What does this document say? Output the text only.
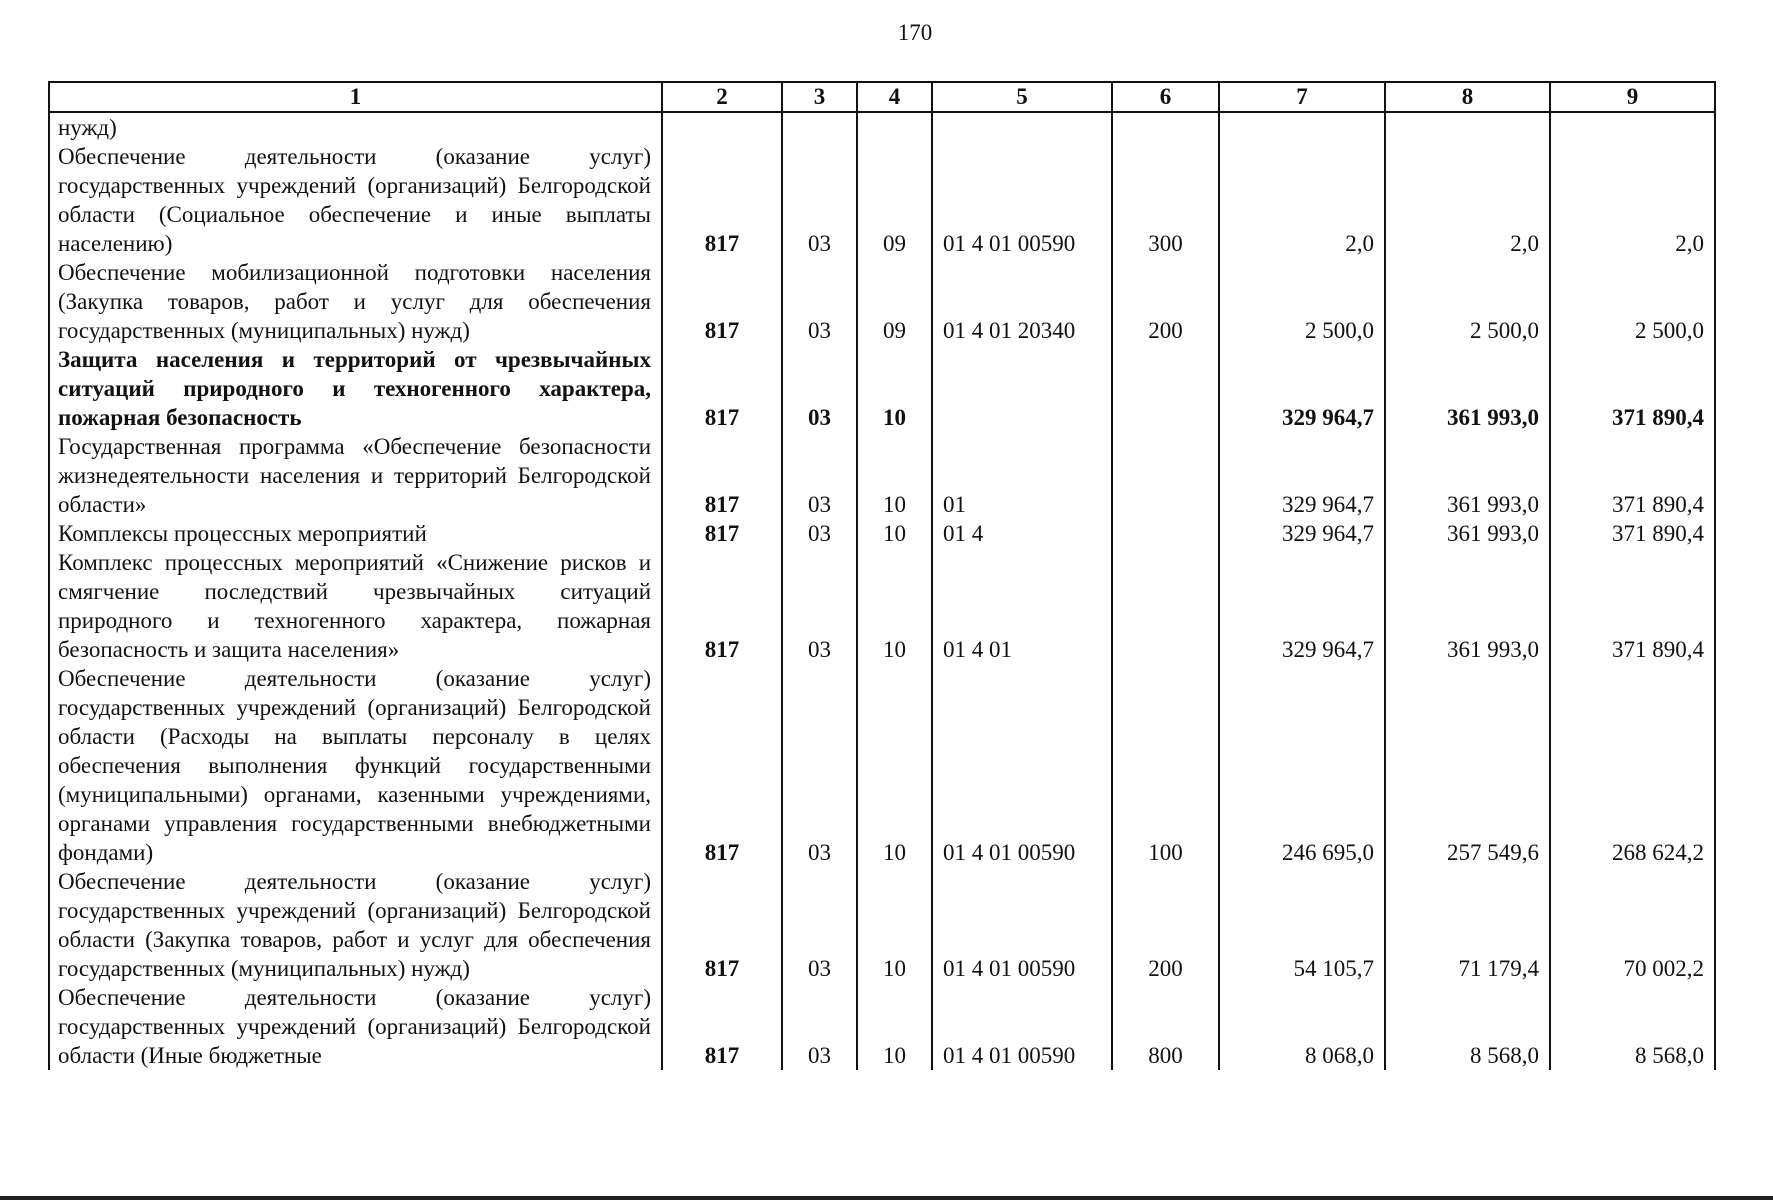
170
1	2	3	4	5	6	7	8	9
нужд)								
Обеспечение деятельности (оказание услуг) государственных учреждений (организаций) Белгородской области (Социальное обеспечение и иные выплаты населению)	817	03	09	01 4 01 00590	300	2,0	2,0	2,0
Обеспечение мобилизационной подготовки населения (Закупка товаров, работ и услуг для обеспечения государственных (муниципальных) нужд)	817	03	09	01 4 01 20340	200	2 500,0	2 500,0	2 500,0
Защита населения и территорий от чрезвычайных ситуаций природного и техногенного характера, пожарная безопасность	817	03	10			329 964,7	361 993,0	371 890,4
Государственная программа «Обеспечение безопасности жизнедеятельности населения и территорий Белгородской области»	817	03	10	01		329 964,7	361 993,0	371 890,4
Комплексы процессных мероприятий	817	03	10	01 4		329 964,7	361 993,0	371 890,4
Комплекс процессных мероприятий «Снижение рисков и смягчение последствий чрезвычайных ситуаций природного и техногенного характера, пожарная безопасность и защита населения»	817	03	10	01 4 01		329 964,7	361 993,0	371 890,4
Обеспечение деятельности (оказание услуг) государственных учреждений (организаций) Белгородской области (Расходы на выплаты персоналу в целях обеспечения выполнения функций государственными (муниципальными) органами, казенными учреждениями, органами управления государственными внебюджетными фондами)	817	03	10	01 4 01 00590	100	246 695,0	257 549,6	268 624,2
Обеспечение деятельности (оказание услуг) государственных учреждений (организаций) Белгородской области (Закупка товаров, работ и услуг для обеспечения государственных (муниципальных) нужд)	817	03	10	01 4 01 00590	200	54 105,7	71 179,4	70 002,2
Обеспечение деятельности (оказание услуг) государственных учреждений (организаций) Белгородской области (Иные бюджетные	817	03	10	01 4 01 00590	800	8 068,0	8 568,0	8 568,0
